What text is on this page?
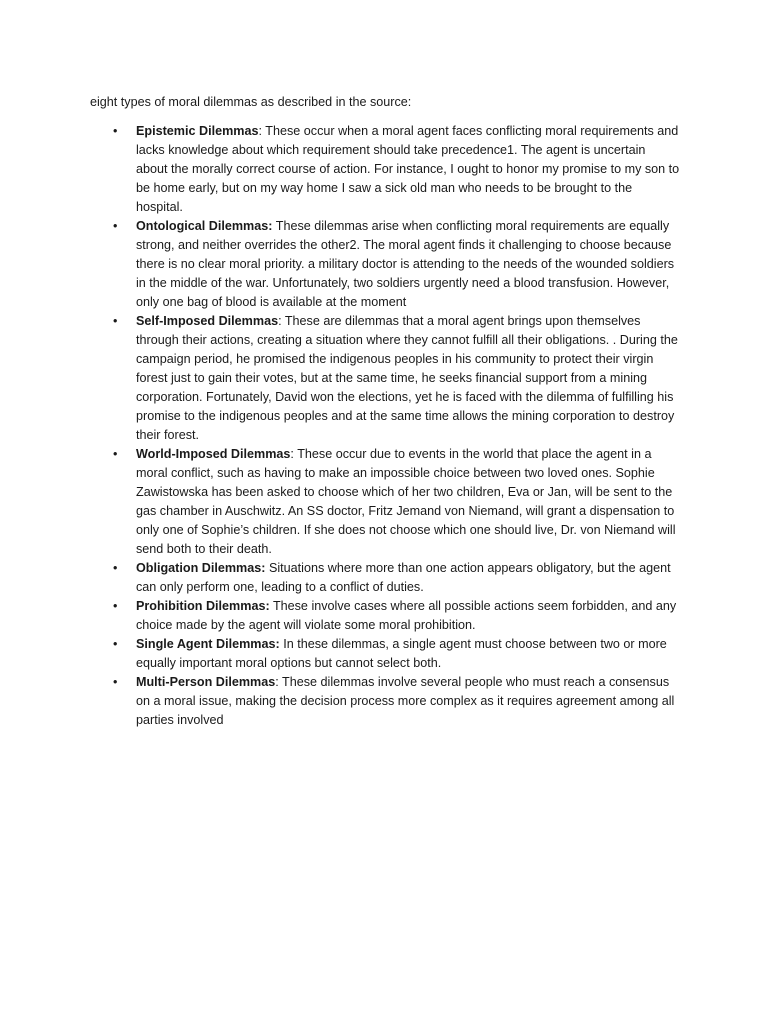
eight types of moral dilemmas as described in the source:

• Epistemic Dilemmas: These occur when a moral agent faces conflicting moral requirements and lacks knowledge about which requirement should take precedence1. The agent is uncertain about the morally correct course of action. For instance, I ought to honor my promise to my son to be home early, but on my way home I saw a sick old man who needs to be brought to the hospital.
• Ontological Dilemmas: These dilemmas arise when conflicting moral requirements are equally strong, and neither overrides the other2. The moral agent finds it challenging to choose because there is no clear moral priority. a military doctor is attending to the needs of the wounded soldiers in the middle of the war. Unfortunately, two soldiers urgently need a blood transfusion. However, only one bag of blood is available at the moment
• Self-Imposed Dilemmas: These are dilemmas that a moral agent brings upon themselves through their actions, creating a situation where they cannot fulfill all their obligations. . During the campaign period, he promised the indigenous peoples in his community to protect their virgin forest just to gain their votes, but at the same time, he seeks financial support from a mining corporation. Fortunately, David won the elections, yet he is faced with the dilemma of fulfilling his promise to the indigenous peoples and at the same time allows the mining corporation to destroy their forest.
• World-Imposed Dilemmas: These occur due to events in the world that place the agent in a moral conflict, such as having to make an impossible choice between two loved ones. Sophie Zawistowska has been asked to choose which of her two children, Eva or Jan, will be sent to the gas chamber in Auschwitz. An SS doctor, Fritz Jemand von Niemand, will grant a dispensation to only one of Sophie’s children. If she does not choose which one should live, Dr. von Niemand will send both to their death.
• Obligation Dilemmas: Situations where more than one action appears obligatory, but the agent can only perform one, leading to a conflict of duties.
• Prohibition Dilemmas: These involve cases where all possible actions seem forbidden, and any choice made by the agent will violate some moral prohibition.
• Single Agent Dilemmas: In these dilemmas, a single agent must choose between two or more equally important moral options but cannot select both.
• Multi-Person Dilemmas: These dilemmas involve several people who must reach a consensus on a moral issue, making the decision process more complex as it requires agreement among all parties involved
